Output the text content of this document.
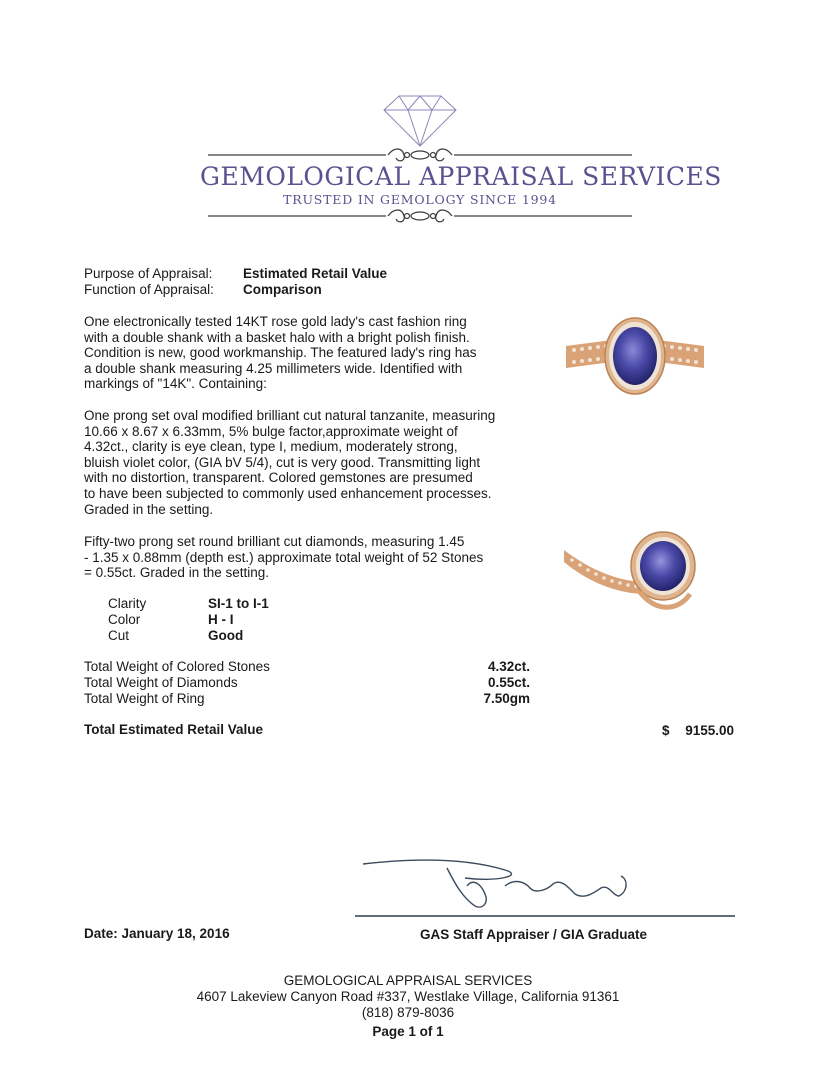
GEMOLOGICAL APPRAISAL SERVICES
TRUSTED IN GEMOLOGY SINCE 1994
Purpose of Appraisal: Estimated Retail Value
Function of Appraisal: Comparison
One electronically tested 14KT rose gold lady's cast fashion ring
with a double shank with a basket halo with a bright polish finish.
Condition is new, good workmanship. The featured lady's ring has
a double shank measuring 4.25 millimeters wide. Identified with
markings of "14K". Containing:
One prong set oval modified brilliant cut natural tanzanite, measuring
10.66 x 8.67 x 6.33mm, 5% bulge factor,approximate weight of
4.32ct., clarity is eye clean, type I, medium, moderately strong,
bluish violet color, (GIA bV 5/4), cut is very good. Transmitting light
with no distortion, transparent. Colored gemstones are presumed
to have been subjected to commonly used enhancement processes.
Graded in the setting.
Fifty-two prong set round brilliant cut diamonds, measuring 1.45
- 1.35 x 0.88mm (depth est.) approximate total weight of 52 Stones
= 0.55ct. Graded in the setting.
Clarity	SI-1 to I-1
Color	H - I
Cut	Good
Total Weight of Colored Stones	4.32ct.
Total Weight of Diamonds	0.55ct.
Total Weight of Ring	7.50gm
Total Estimated Retail Value	$	9155.00
Date: January 18, 2016	GAS Staff Appraiser / GIA Graduate
GEMOLOGICAL APPRAISAL SERVICES
4607 Lakeview Canyon Road #337, Westlake Village, California 91361
(818) 879-8036
Page 1 of 1
